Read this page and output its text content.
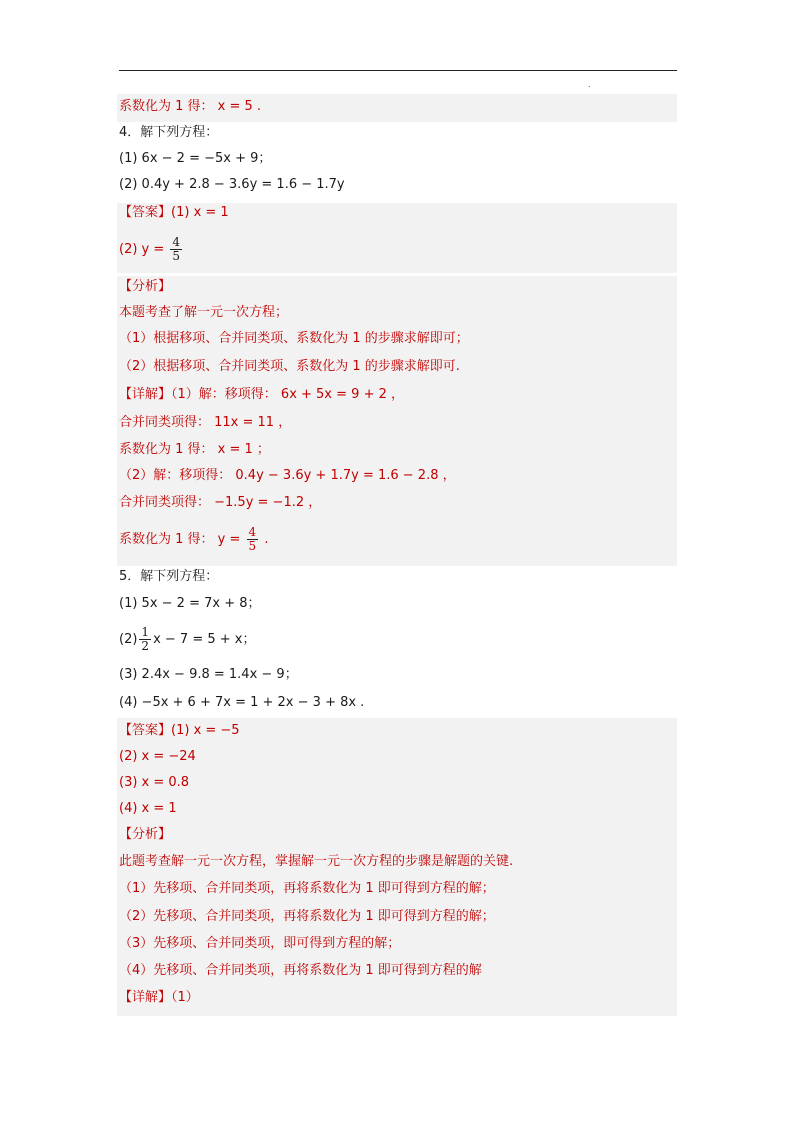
.
系数化为 1 得： x = 5 .
4．解下列方程：
(1) 6x − 2 = −5x + 9；
(2) 0.4y + 2.8 − 3.6y = 1.6 − 1.7y
【答案】(1) x = 1
(2) $y = \frac{4}{5}$
【分析】
本题考查了解一元一次方程；
（1）根据移项、合并同类项、系数化为 1 的步骤求解即可；
（2）根据移项、合并同类项、系数化为 1 的步骤求解即可.
【详解】（1）解：移项得： 6x + 5x = 9 + 2 ，
合并同类项得： 11x = 11 ，
系数化为 1 得： x = 1 ；
（2）解：移项得： 0.4y − 3.6y + 1.7y = 1.6 − 2.8 ，
合并同类项得： −1.5y = −1.2 ，
系数化为 1 得： $y = \frac{4}{5}$ .
5．解下列方程：
(1) 5x − 2 = 7x + 8；
$(2) \frac{1}{2}$ x − 7 = 5 + x；
(3) 2.4x − 9.8 = 1.4x − 9；
(4) −5x + 6 + 7x = 1 + 2x − 3 + 8x .
【答案】(1) x = −5
(2) x = −24
(3) x = 0.8
(4) x = 1
【分析】
此题考查解一元一次方程，掌握解一元一次方程的步骤是解题的关键.
（1）先移项、合并同类项，再将系数化为 1 即可得到方程的解；
（2）先移项、合并同类项，再将系数化为 1 即可得到方程的解；
（3）先移项、合并同类项，即可得到方程的解；
（4）先移项、合并同类项，再将系数化为 1 即可得到方程的解
【详解】（1）
